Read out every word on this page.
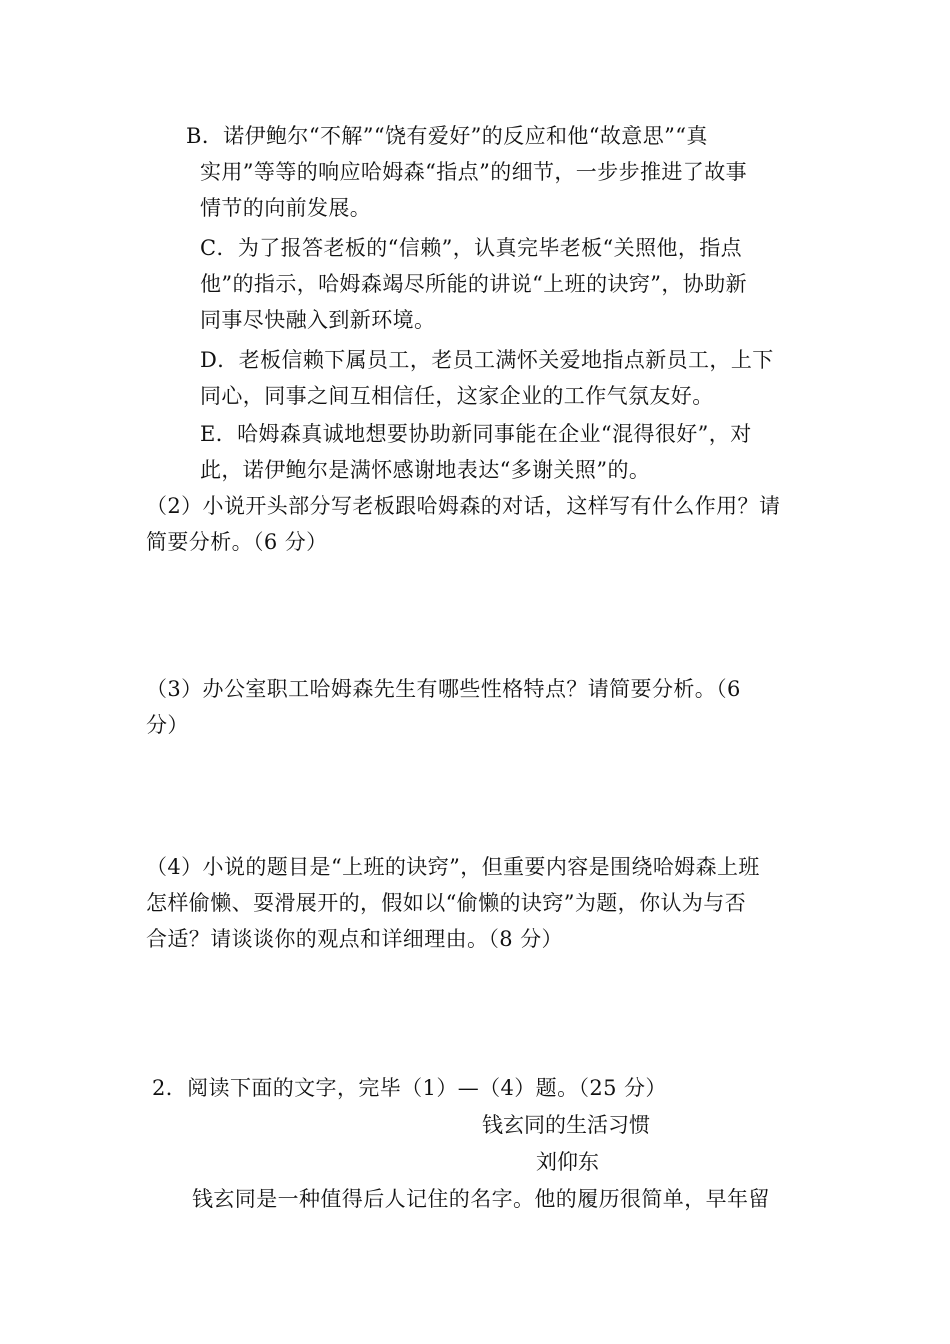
B．诺伊鲍尔“不解”“饶有爱好”的反应和他“故意思”“真
实用”等等的响应哈姆森“指点”的细节，一步步推进了故事
情节的向前发展。
C．为了报答老板的“信赖”，认真完毕老板“关照他，指点
他”的指示，哈姆森竭尽所能的讲说“上班的诀窍”，协助新
同事尽快融入到新环境。
D．老板信赖下属员工，老员工满怀关爱地指点新员工，上下
同心，同事之间互相信任，这家企业的工作气氛友好。
E．哈姆森真诚地想要协助新同事能在企业“混得很好”，对
此，诺伊鲍尔是满怀感谢地表达“多谢关照”的。
（2）小说开头部分写老板跟哈姆森的对话，这样写有什么作用？请
简要分析。（6 分）
（3）办公室职工哈姆森先生有哪些性格特点？请简要分析。（6
分）
（4）小说的题目是“上班的诀窍”，但重要内容是围绕哈姆森上班
怎样偷懒、耍滑展开的，假如以“偷懒的诀窍”为题，你认为与否
合适？请谈谈你的观点和详细理由。（8 分）
2．阅读下面的文字，完毕（1）—（4）题。（25 分）
钱玄同的生活习惯
刘仰东
钱玄同是一种值得后人记住的名字。他的履历很简单，早年留
